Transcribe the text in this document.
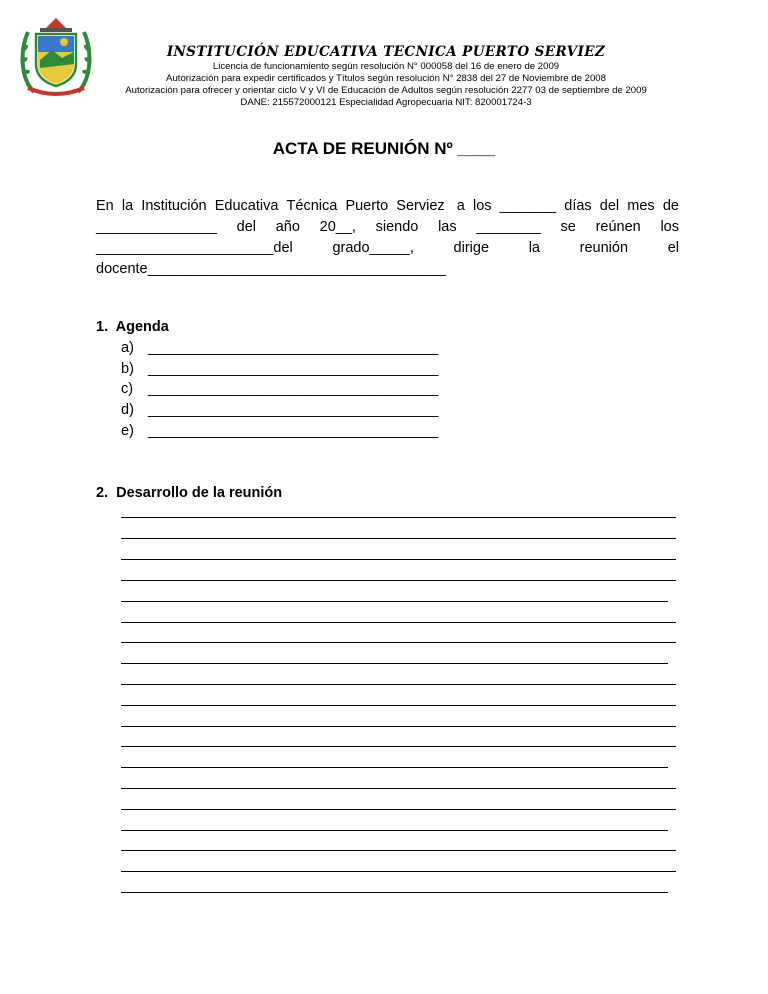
INSTITUCIÓN EDUCATIVA TECNICA PUERTO SERVIEZ
Licencia de funcionamiento según resolución N° 000058 del 16 de enero de 2009
Autorización para expedir certificados y Títulos según resolución N° 2838 del 27 de Noviembre de 2008
Autorización para ofrecer y orientar ciclo V y VI de Educación de Adultos según resolución 2277 03 de septiembre de 2009
DANE: 215572000121 Especialidad Agropecuaria NIT: 820001724-3
ACTA DE REUNIÓN Nº ____
En la Institución Educativa Técnica Puerto Serviez a los _______ días del mes de
_______________ del año 20__, siendo las ________ se reúnen los
______________________del	grado_____,	dirige	la	reunión	el
docente_____________________________________
1.  Agenda
a) ____________________________________
b) ____________________________________
c)	____________________________________
d) ____________________________________
e) ____________________________________
2.  Desarrollo de la reunión
